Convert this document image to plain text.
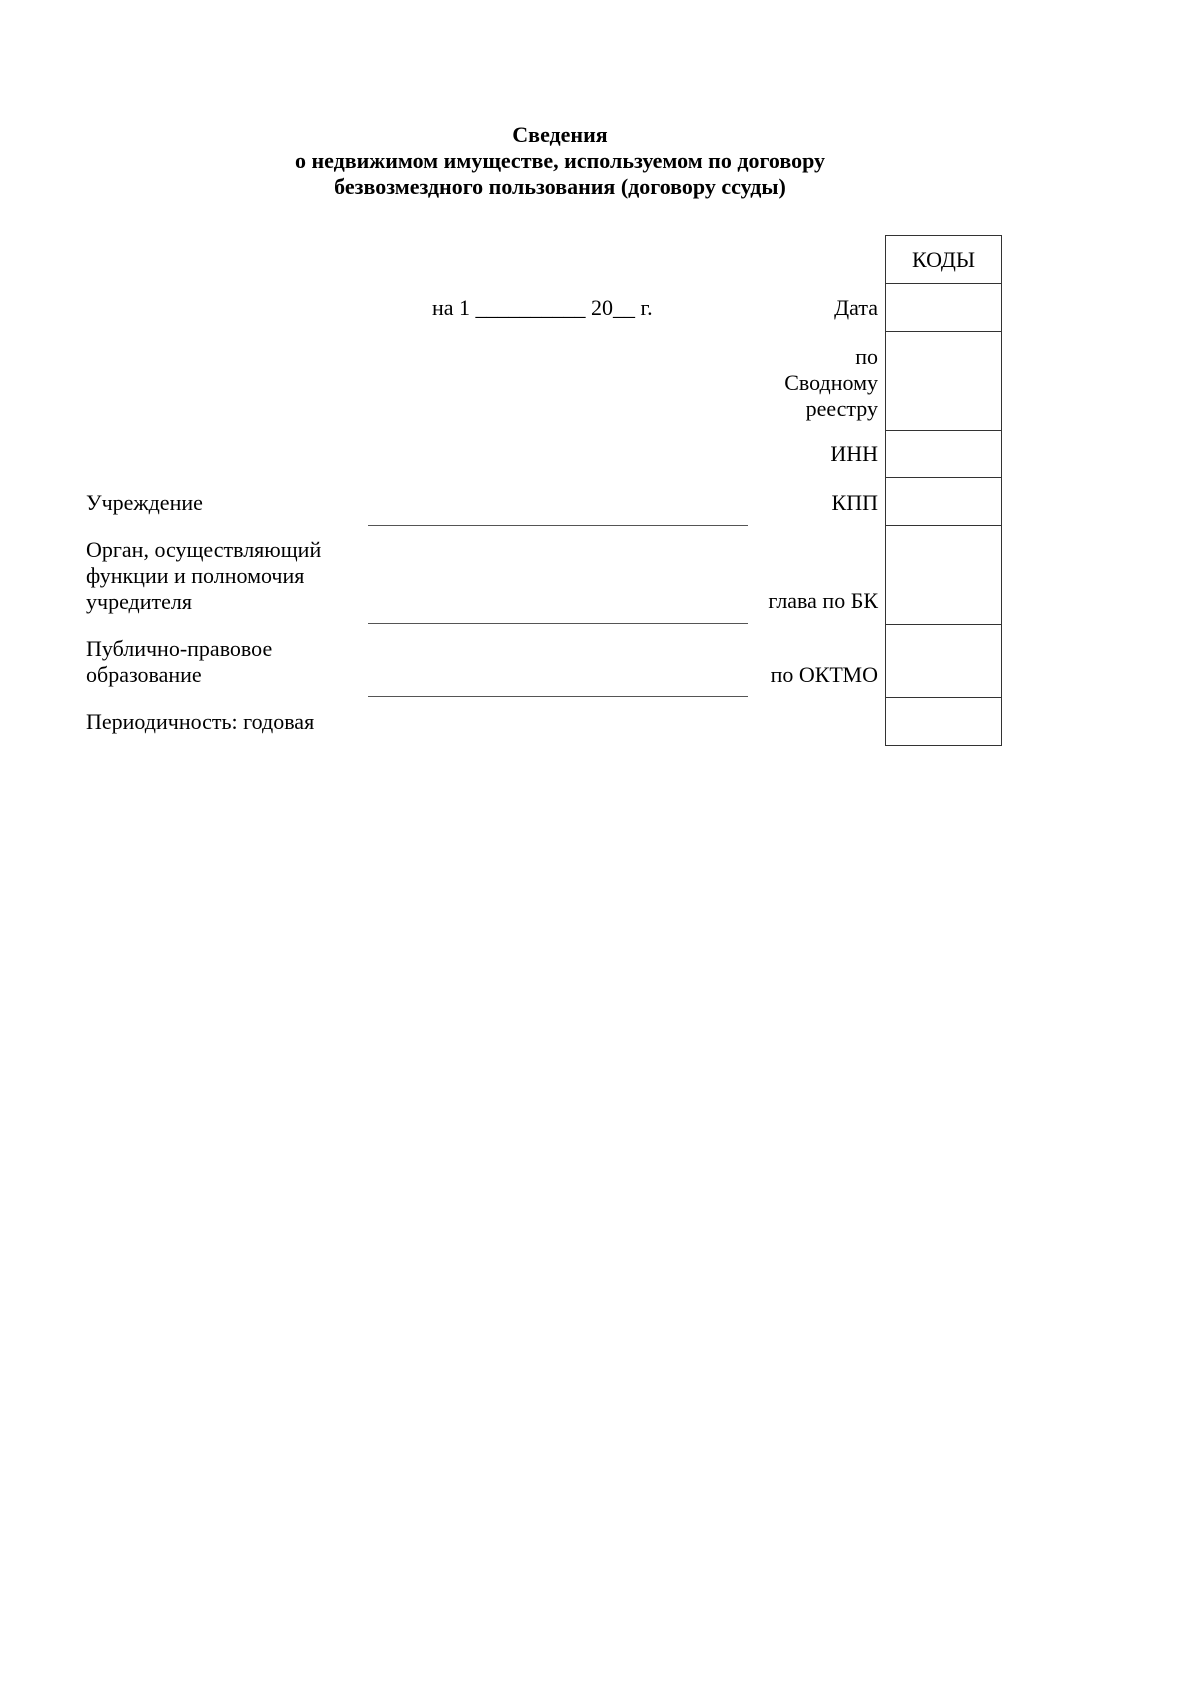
Сведения
о недвижимом имуществе, используемом по договору
безвозмездного пользования (договору ссуды)
на 1 __________ 20__ г.	Дата
по
Сводному
реестру
ИНН
КПП
глава по БК
по ОКТМО
Учреждение
Орган, осуществляющий
функции и полномочия
учредителя
Публично-правовое
образование
Периодичность: годовая
КОДЫ
